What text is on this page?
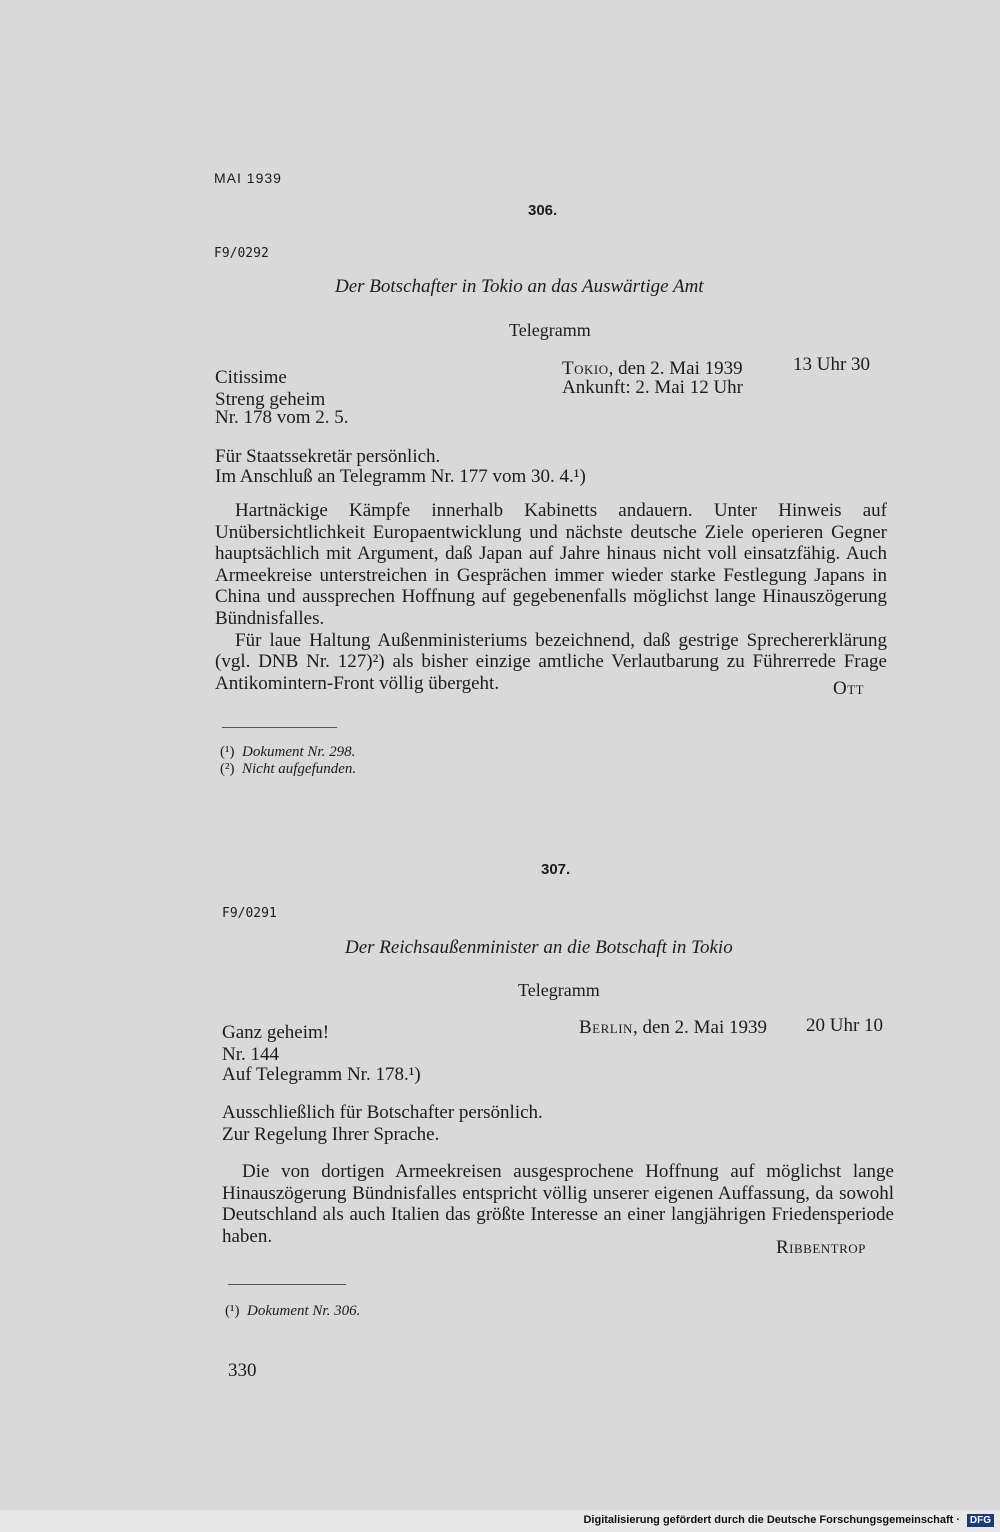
MAI 1939
306.
F9/0292
Der Botschafter in Tokio an das Auswärtige Amt
Telegramm
Citissime
Streng geheim
Nr. 178 vom 2. 5.
Tokio, den 2. Mai 1939	13 Uhr 30
Ankunft: 2. Mai 12 Uhr
Für Staatssekretär persönlich.
Im Anschluß an Telegramm Nr. 177 vom 30. 4.¹)

Hartnäckige Kämpfe innerhalb Kabinetts andauern. Unter Hinweis auf Unübersichtlichkeit Europaentwicklung und nächste deutsche Ziele operieren Gegner hauptsächlich mit Argument, daß Japan auf Jahre hinaus nicht voll einsatzfähig. Auch Armeekreise unterstreichen in Gesprächen immer wieder starke Festlegung Japans in China und aussprechen Hoffnung auf gegebenenfalls möglichst lange Hinauszögerung Bündnisfalles.

Für laue Haltung Außenministeriums bezeichnend, daß gestrige Sprechererklärung (vgl. DNB Nr. 127)²) als bisher einzige amtliche Verlautbarung zu Führerrede Frage Antikomintern-Front völlig übergeht.	Ott
(¹) Dokument Nr. 298.
(²) Nicht aufgefunden.
307.
F9/0291
Der Reichsaußenminister an die Botschaft in Tokio
Telegramm
Ganz geheim!
Nr. 144
Auf Telegramm Nr. 178.¹)
Berlin, den 2. Mai 1939 20 Uhr 10
Ausschließlich für Botschafter persönlich.
Zur Regelung Ihrer Sprache.

Die von dortigen Armeekreisen ausgesprochene Hoffnung auf möglichst lange Hinauszögerung Bündnisfalles entspricht völlig unserer eigenen Auffassung, da sowohl Deutschland als auch Italien das größte Interesse an einer langjährigen Friedensperiode haben.

Ribbentrop
(¹) Dokument Nr. 306.
330
Digitalisierung gefördert durch die Deutsche Forschungsgemeinschaft · DFG
